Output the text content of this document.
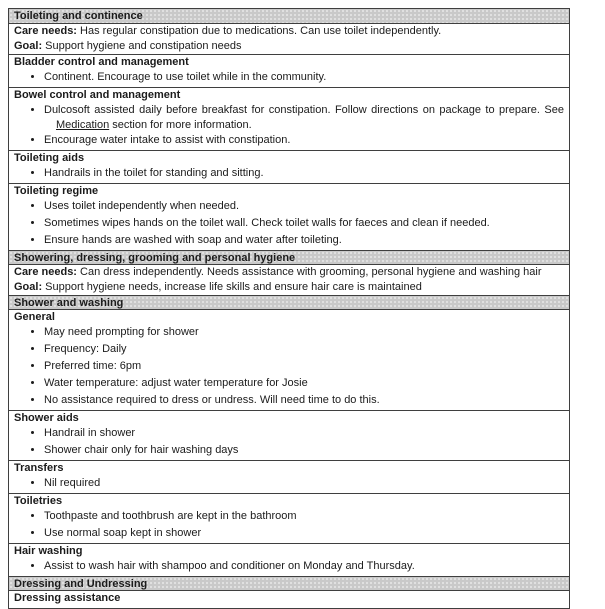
Toileting and continence
Care needs: Has regular constipation due to medications. Can use toilet independently.
Goal: Support hygiene and constipation needs
Bladder control and management
• Continent. Encourage to use toilet while in the community.
Bowel control and management
• Dulcosoft assisted daily before breakfast for constipation. Follow directions on package to prepare. See
Medication section for more information.
• Encourage water intake to assist with constipation.
Toileting aids
• Handrails in the toilet for standing and sitting.
Toileting regime
• Uses toilet independently when needed.
• Sometimes wipes hands on the toilet wall. Check toilet walls for faeces and clean if needed.
• Ensure hands are washed with soap and water after toileting.
Showering, dressing, grooming and personal hygiene
Care needs: Can dress independently. Needs assistance with grooming, personal hygiene and washing hair
Goal: Support hygiene needs, increase life skills and ensure hair care is maintained
Shower and washing
General
• May need prompting for shower
• Frequency: Daily
• Preferred time: 6pm
• Water temperature: adjust water temperature for Josie
• No assistance required to dress or undress. Will need time to do this.
Shower aids
• Handrail in shower
• Shower chair only for hair washing days
Transfers
• Nil required
Toiletries
• Toothpaste and toothbrush are kept in the bathroom
• Use normal soap kept in shower
Hair washing
• Assist to wash hair with shampoo and conditioner on Monday and Thursday.
Dressing and Undressing
Dressing assistance
